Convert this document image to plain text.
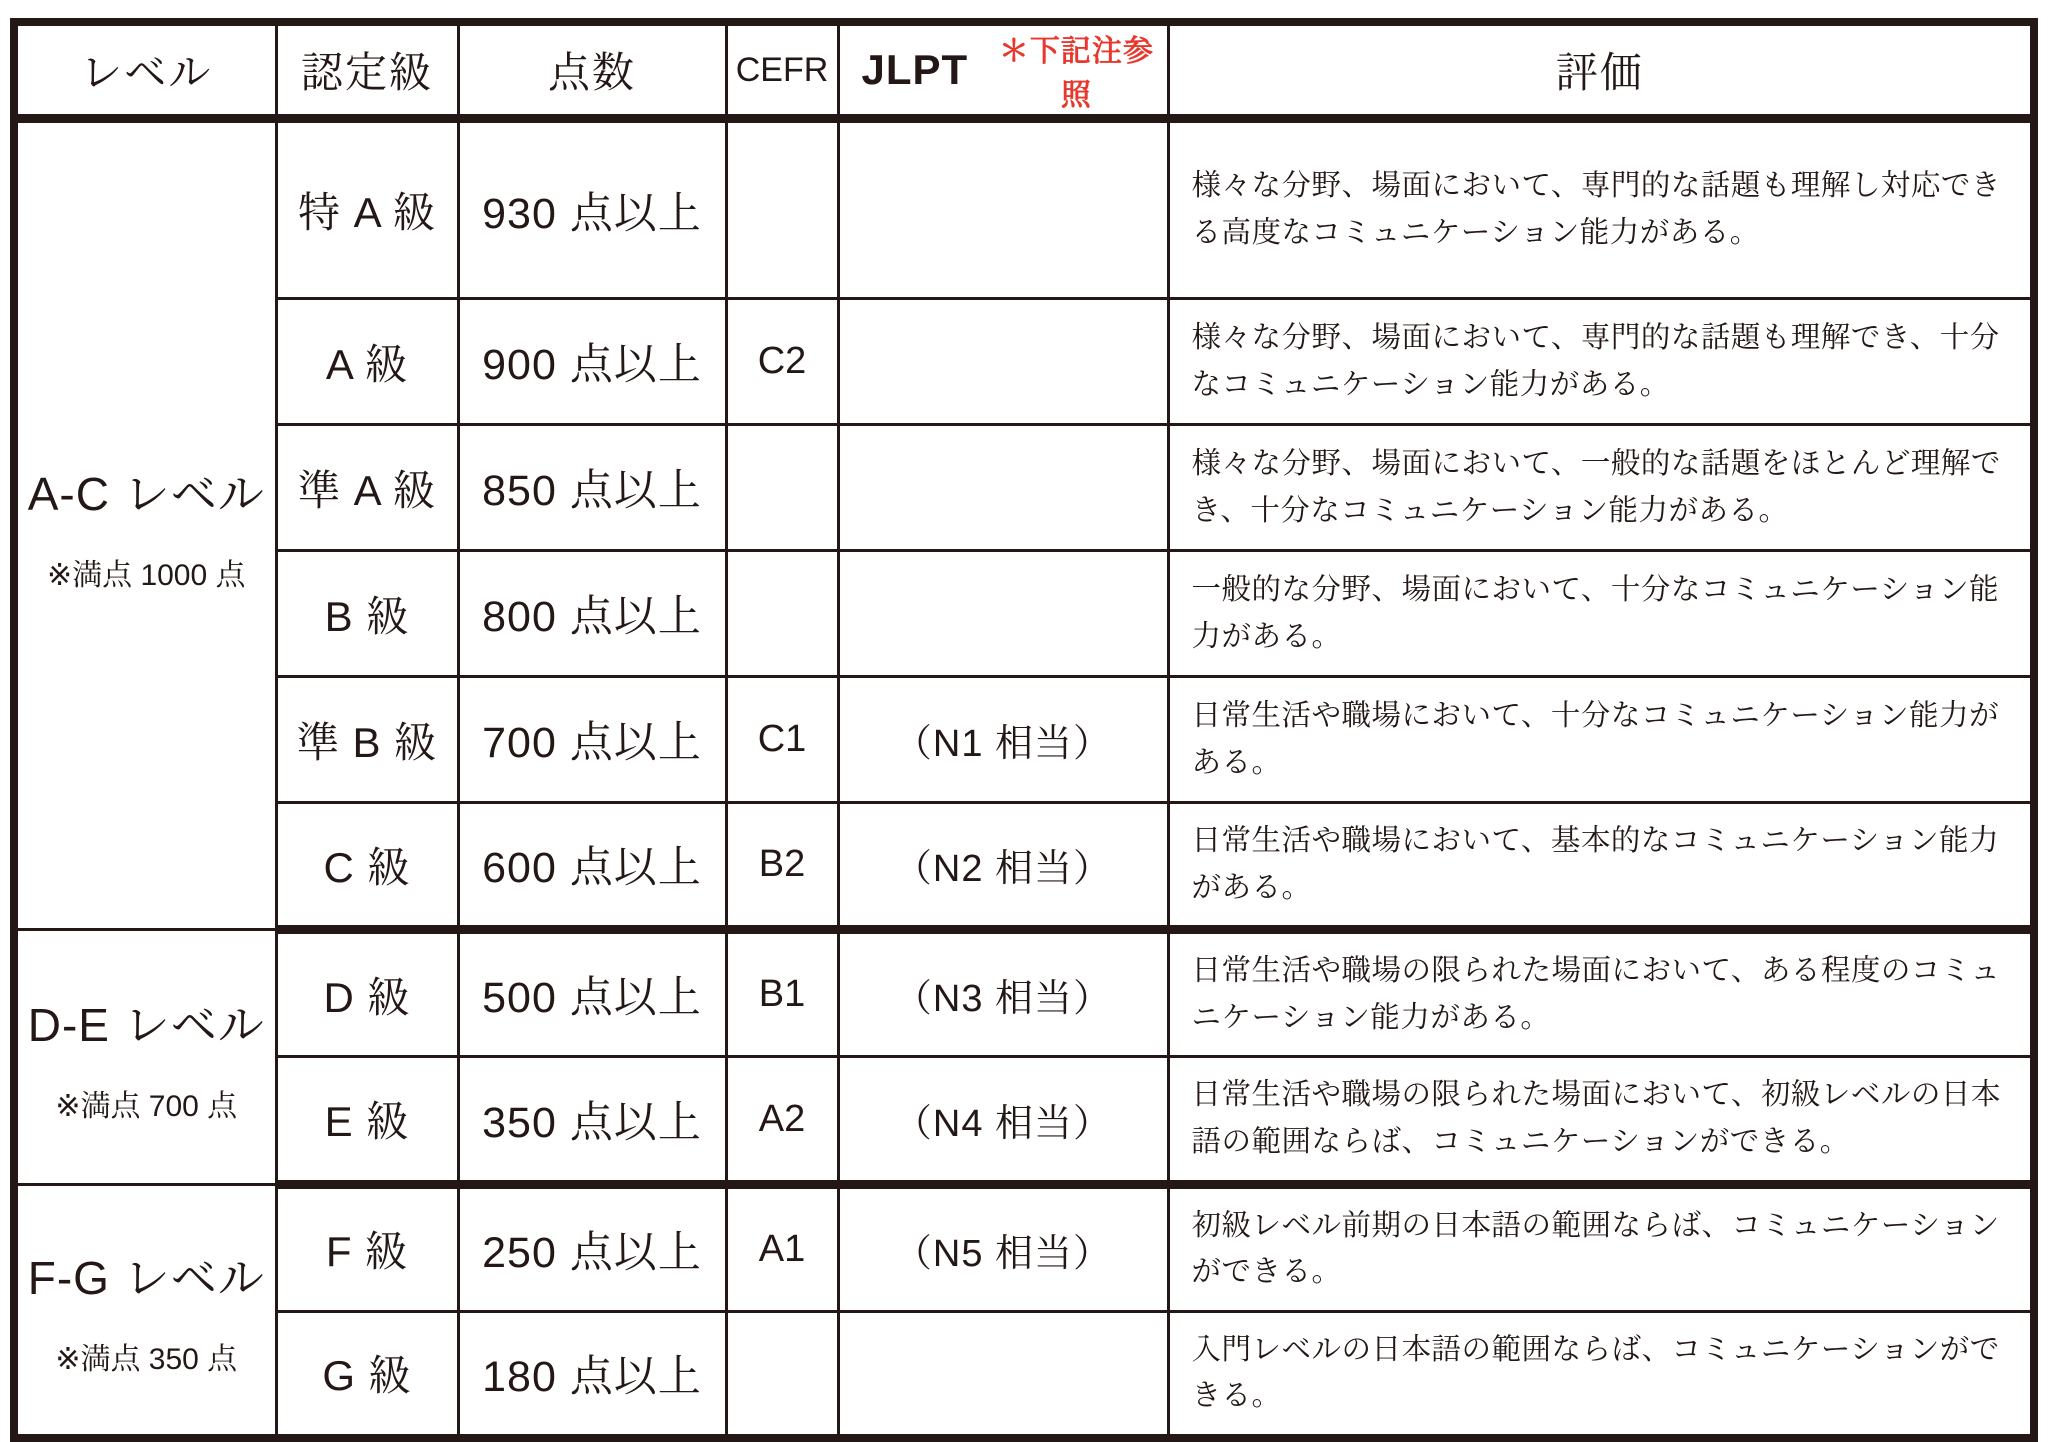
レベル	認定級	点数	CEFR	JLPT ＊下記注参照	評価

A-C レベル
※満点 1000 点	特 A 級	930 点以上			様々な分野、場面において、専門的な話題も理解し対応できる高度なコミュニケーション能力がある。
	A 級	900 点以上	C2		様々な分野、場面において、専門的な話題も理解でき、十分なコミュニケーション能力がある。
	準 A 級	850 点以上			様々な分野、場面において、一般的な話題をほとんど理解でき、十分なコミュニケーション能力がある。
	B 級	800 点以上			一般的な分野、場面において、十分なコミュニケーション能力がある。
	準 B 級	700 点以上	C1	（N1 相当）	日常生活や職場において、十分なコミュニケーション能力がある。
	C 級	600 点以上	B2	（N2 相当）	日常生活や職場において、基本的なコミュニケーション能力がある。

D-E レベル
※満点 700 点	D 級	500 点以上	B1	（N3 相当）	日常生活や職場の限られた場面において、ある程度のコミュニケーション能力がある。
	E 級	350 点以上	A2	（N4 相当）	日常生活や職場の限られた場面において、初級レベルの日本語の範囲ならば、コミュニケーションができる。

F-G レベル
※満点 350 点	F 級	250 点以上	A1	（N5 相当）	初級レベル前期の日本語の範囲ならば、コミュニケーションができる。
	G 級	180 点以上			入門レベルの日本語の範囲ならば、コミュニケーションができる。
